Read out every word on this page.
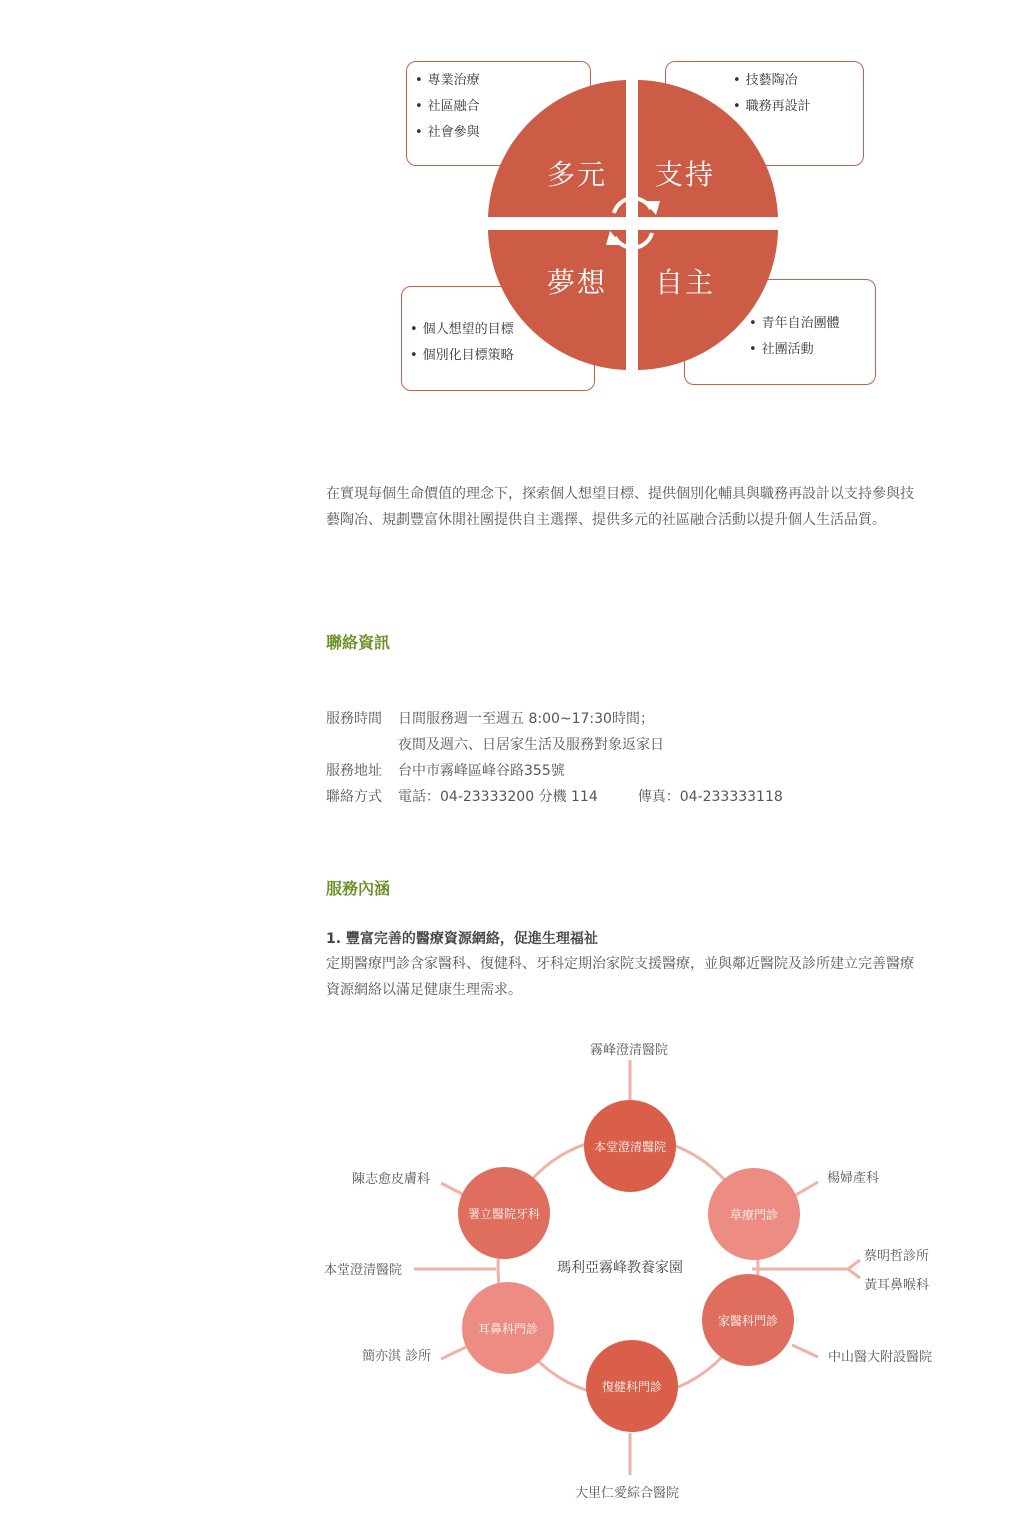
• 專業治療
• 社區融合
• 社會參與
• 技藝陶冶
• 職務再設計
• 個人想望的目標
• 個別化目標策略
• 青年自治團體
• 社團活動
多元 支持
夢想 自主
在實現每個生命價值的理念下，探索個人想望目標、提供個別化輔具與職務再設計以支持參與技藝陶冶、規劃豐富休閒社團提供自主選擇、提供多元的社區融合活動以提升個人生活品質。
聯絡資訊
服務時間 日間服務週一至週五 8:00~17:30時間；
夜間及週六、日居家生活及服務對象返家日
服務地址 台中市霧峰區峰谷路355號
聯絡方式 電話：04-23333200 分機 114	傳真：04-233333118
服務內涵
1. 豐富完善的醫療資源網絡，促進生理福祉
定期醫療門診含家醫科、復健科、牙科定期治家院支援醫療，並與鄰近醫院及診所建立完善醫療資源網絡以滿足健康生理需求。
本堂澄清醫院
署立醫院牙科	草療門診
耳鼻科門診
家醫科門診
復健科門診
瑪利亞霧峰教養家園
霧峰澄清醫院
陳志愈皮膚科
本堂澄清醫院
簡亦淇 診所
大里仁愛綜合醫院
楊婦產科
蔡明哲診所
黃耳鼻喉科
中山醫大附設醫院
